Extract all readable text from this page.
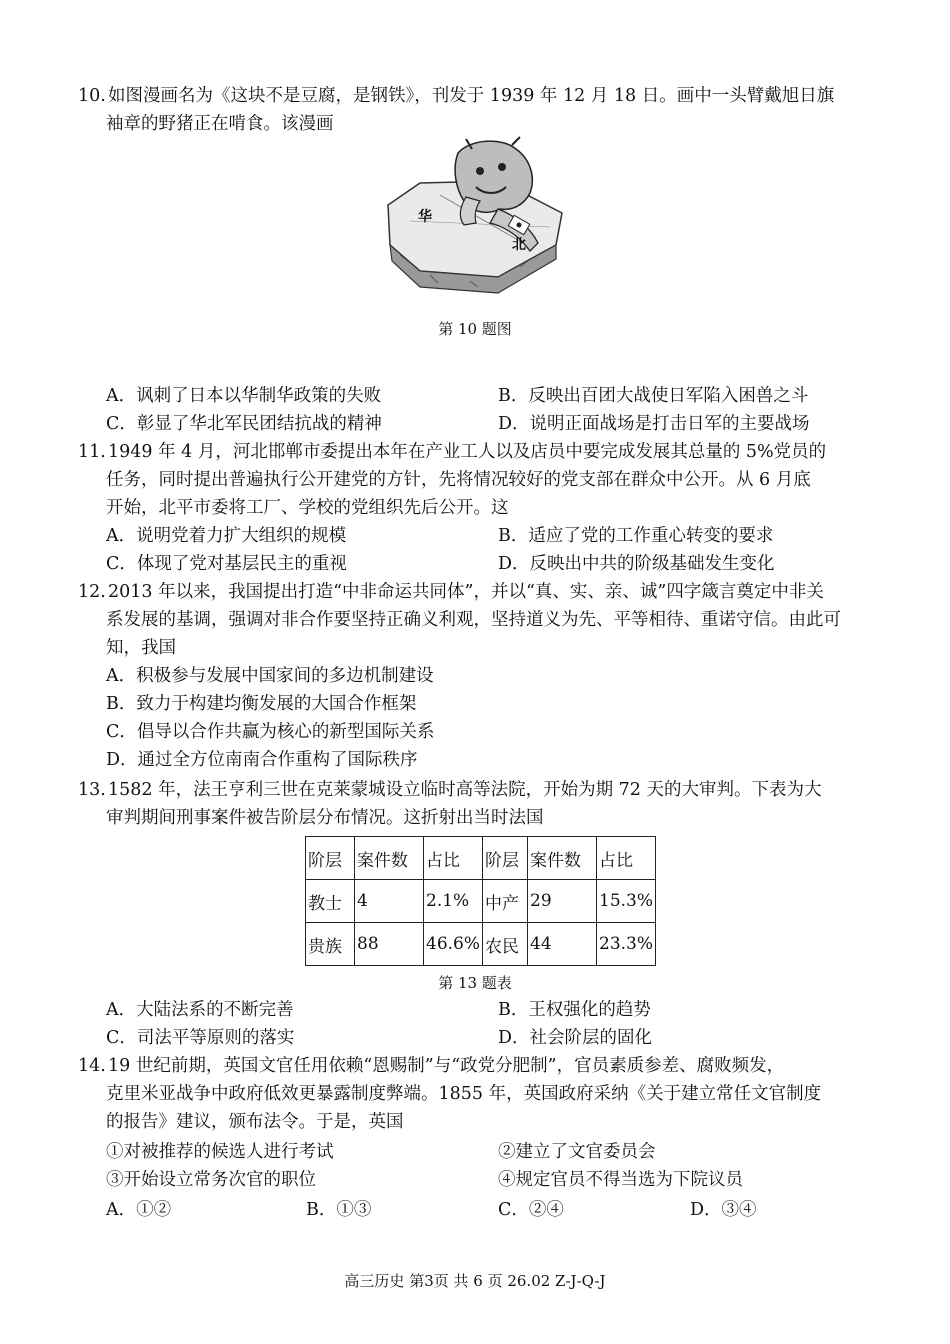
10. 如图漫画名为《这块不是豆腐，是钢铁》，刊发于 1939 年 12 月 18 日。画中一头臂戴旭日旗
袖章的野猪正在啃食。该漫画
华
北
第 10 题图
A．讽刺了日本以华制华政策的失败	B．反映出百团大战使日军陷入困兽之斗
C．彰显了华北军民团结抗战的精神	D．说明正面战场是打击日军的主要战场
11. 1949 年 4 月，河北邯郸市委提出本年在产业工人以及店员中要完成发展其总量的 5%党员的
任务，同时提出普遍执行公开建党的方针，先将情况较好的党支部在群众中公开。从 6 月底
开始，北平市委将工厂、学校的党组织先后公开。这
A．说明党着力扩大组织的规模	B．适应了党的工作重心转变的要求
C．体现了党对基层民主的重视	D．反映出中共的阶级基础发生变化
12. 2013 年以来，我国提出打造“中非命运共同体”，并以“真、实、亲、诚”四字箴言奠定中非关
系发展的基调，强调对非合作要坚持正确义利观，坚持道义为先、平等相待、重诺守信。由此可
知，我国
A．积极参与发展中国家间的多边机制建设
B．致力于构建均衡发展的大国合作框架
C．倡导以合作共赢为核心的新型国际关系
D．通过全方位南南合作重构了国际秩序
13. 1582 年，法王亨利三世在克莱蒙城设立临时高等法院，开始为期 72 天的大审判。下表为大
审判期间刑事案件被告阶层分布情况。这折射出当时法国
阶层	案件数	占比	阶层	案件数	占比
教士	4	2.1%	中产	29	15.3%
贵族	88	46.6%	农民	44	23.3%
第 13 题表
A．大陆法系的不断完善	B．王权强化的趋势
C．司法平等原则的落实	D．社会阶层的固化
14. 19 世纪前期，英国文官任用依赖“恩赐制”与“政党分肥制”，官员素质参差、腐败频发，
克里米亚战争中政府低效更暴露制度弊端。1855 年，英国政府采纳《关于建立常任文官制度
的报告》建议，颁布法令。于是，英国
①对被推荐的候选人进行考试	②建立了文官委员会
③开始设立常务次官的职位	④规定官员不得当选为下院议员
A．①②	B．①③	C．②④	D．③④
高三历史 第3页 共 6 页 26.02 Z-J-Q-J
